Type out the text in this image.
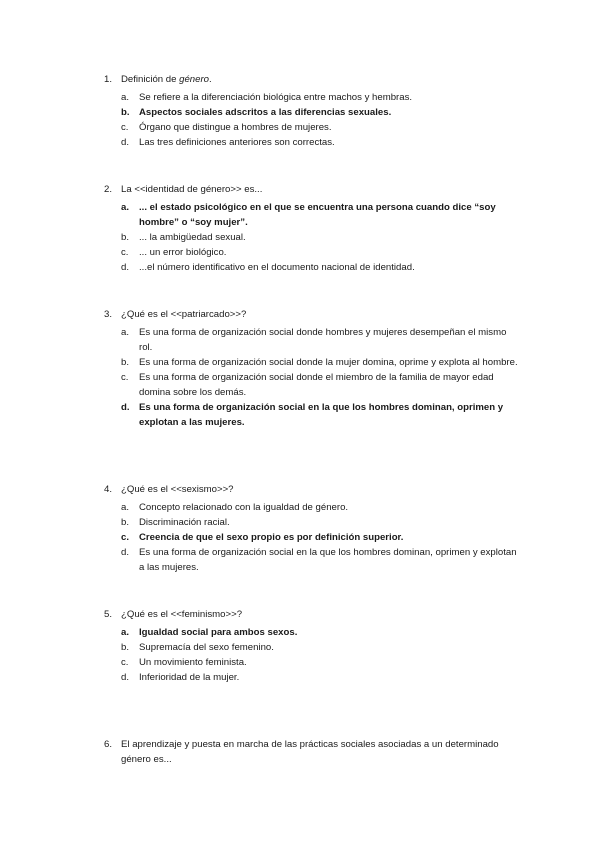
1. Definición de género.
a. Se refiere a la diferenciación biológica entre machos y hembras.
b. Aspectos sociales adscritos a las diferencias sexuales.
c. Órgano que distingue a hombres de mujeres.
d. Las tres definiciones anteriores son correctas.
2. La <<identidad de género>> es...
a. ... el estado psicológico en el que se encuentra una persona cuando dice “soy hombre” o “soy mujer”.
b. ... la ambigüedad sexual.
c. ... un error biológico.
d. ...el número identificativo en el documento nacional de identidad.
3. ¿Qué es el <<patriarcado>>?
a. Es una forma de organización social donde hombres y mujeres desempeñan el mismo rol.
b. Es una forma de organización social donde la mujer domina, oprime y explota al hombre.
c. Es una forma de organización social donde el miembro de la familia de mayor edad domina sobre los demás.
d. Es una forma de organización social en la que los hombres dominan, oprimen y explotan a las mujeres.
4. ¿Qué es el <<sexismo>>?
a. Concepto relacionado con la igualdad de género.
b. Discriminación racial.
c. Creencia de que el sexo propio es por definición superior.
d. Es una forma de organización social en la que los hombres dominan, oprimen y explotan a las mujeres.
5. ¿Qué es el <<feminismo>>?
a. Igualdad social para ambos sexos.
b. Supremacía del sexo femenino.
c. Un movimiento feminista.
d. Inferioridad de la mujer.
6. El aprendizaje y puesta en marcha de las prácticas sociales asociadas a un determinado género es...
